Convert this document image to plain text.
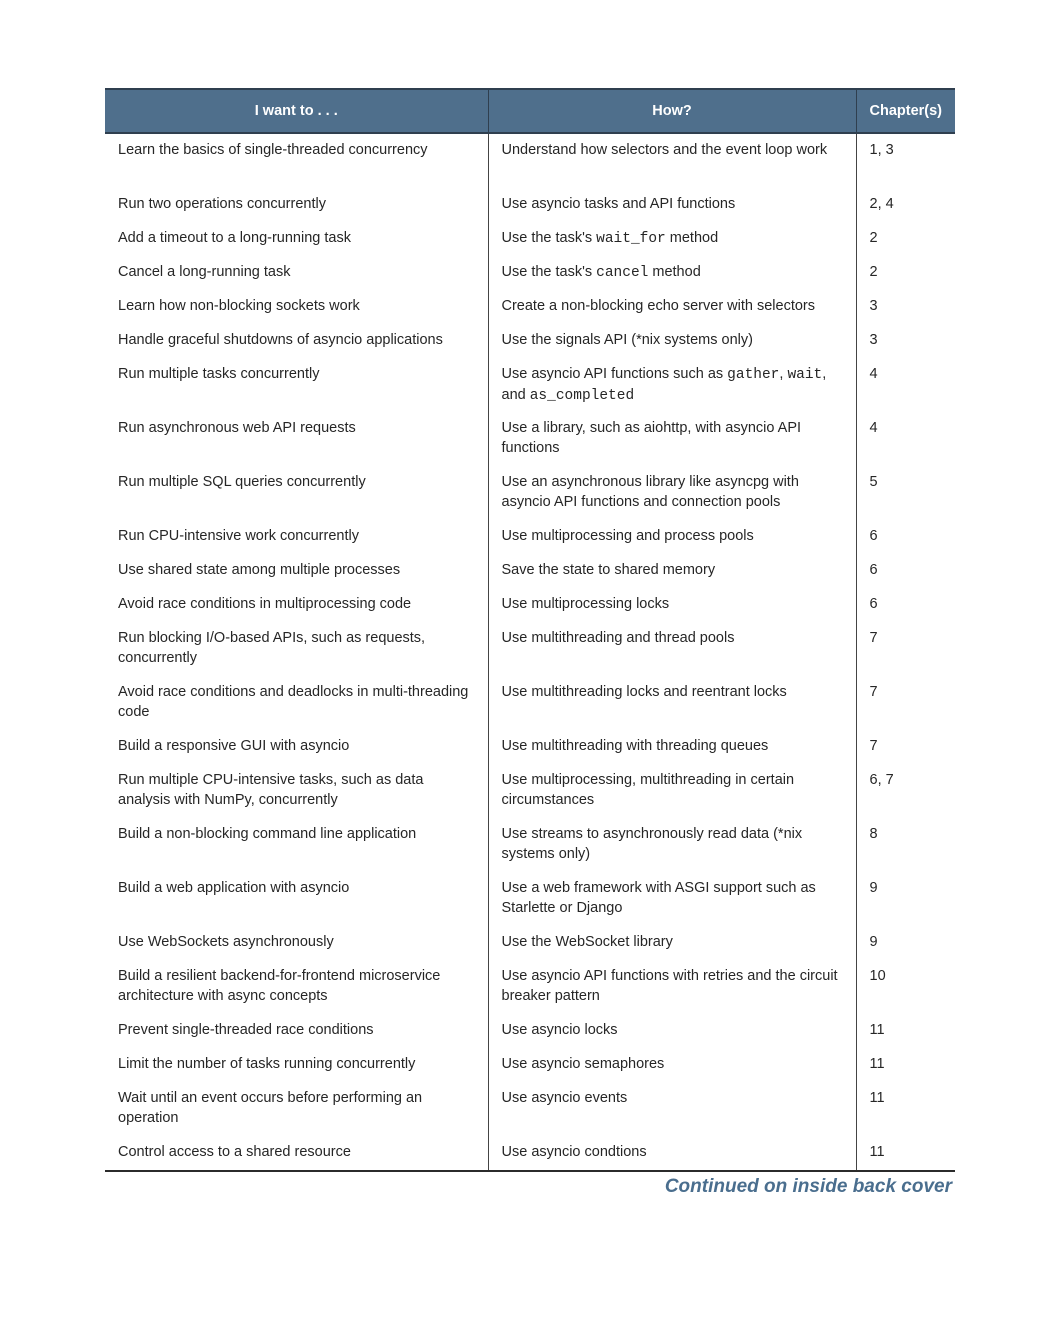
I want to . . .	How?	Chapter(s)
Learn the basics of single-threaded concurrency	Understand how selectors and the event loop work	1, 3
Run two operations concurrently	Use asyncio tasks and API functions	2, 4
Add a timeout to a long-running task	Use the task's wait_for method	2
Cancel a long-running task	Use the task's cancel method	2
Learn how non-blocking sockets work	Create a non-blocking echo server with selectors	3
Handle graceful shutdowns of asyncio applications	Use the signals API (*nix systems only)	3
Run multiple tasks concurrently	Use asyncio API functions such as gather, wait, and as_completed	4
Run asynchronous web API requests	Use a library, such as aiohttp, with asyncio API functions	4
Run multiple SQL queries concurrently	Use an asynchronous library like asyncpg with asyncio API functions and connection pools	5
Run CPU-intensive work concurrently	Use multiprocessing and process pools	6
Use shared state among multiple processes	Save the state to shared memory	6
Avoid race conditions in multiprocessing code	Use multiprocessing locks	6
Run blocking I/O-based APIs, such as requests, concurrently	Use multithreading and thread pools	7
Avoid race conditions and deadlocks in multi-threading code	Use multithreading locks and reentrant locks	7
Build a responsive GUI with asyncio	Use multithreading with threading queues	7
Run multiple CPU-intensive tasks, such as data analysis with NumPy, concurrently	Use multiprocessing, multithreading in certain circumstances	6, 7
Build a non-blocking command line application	Use streams to asynchronously read data (*nix systems only)	8
Build a web application with asyncio	Use a web framework with ASGI support such as Starlette or Django	9
Use WebSockets asynchronously	Use the WebSocket library	9
Build a resilient backend-for-frontend microservice architecture with async concepts	Use asyncio API functions with retries and the circuit breaker pattern	10
Prevent single-threaded race conditions	Use asyncio locks	11
Limit the number of tasks running concurrently	Use asyncio semaphores	11
Wait until an event occurs before performing an operation	Use asyncio events	11
Control access to a shared resource	Use asyncio condtions	11
Continued on inside back cover
